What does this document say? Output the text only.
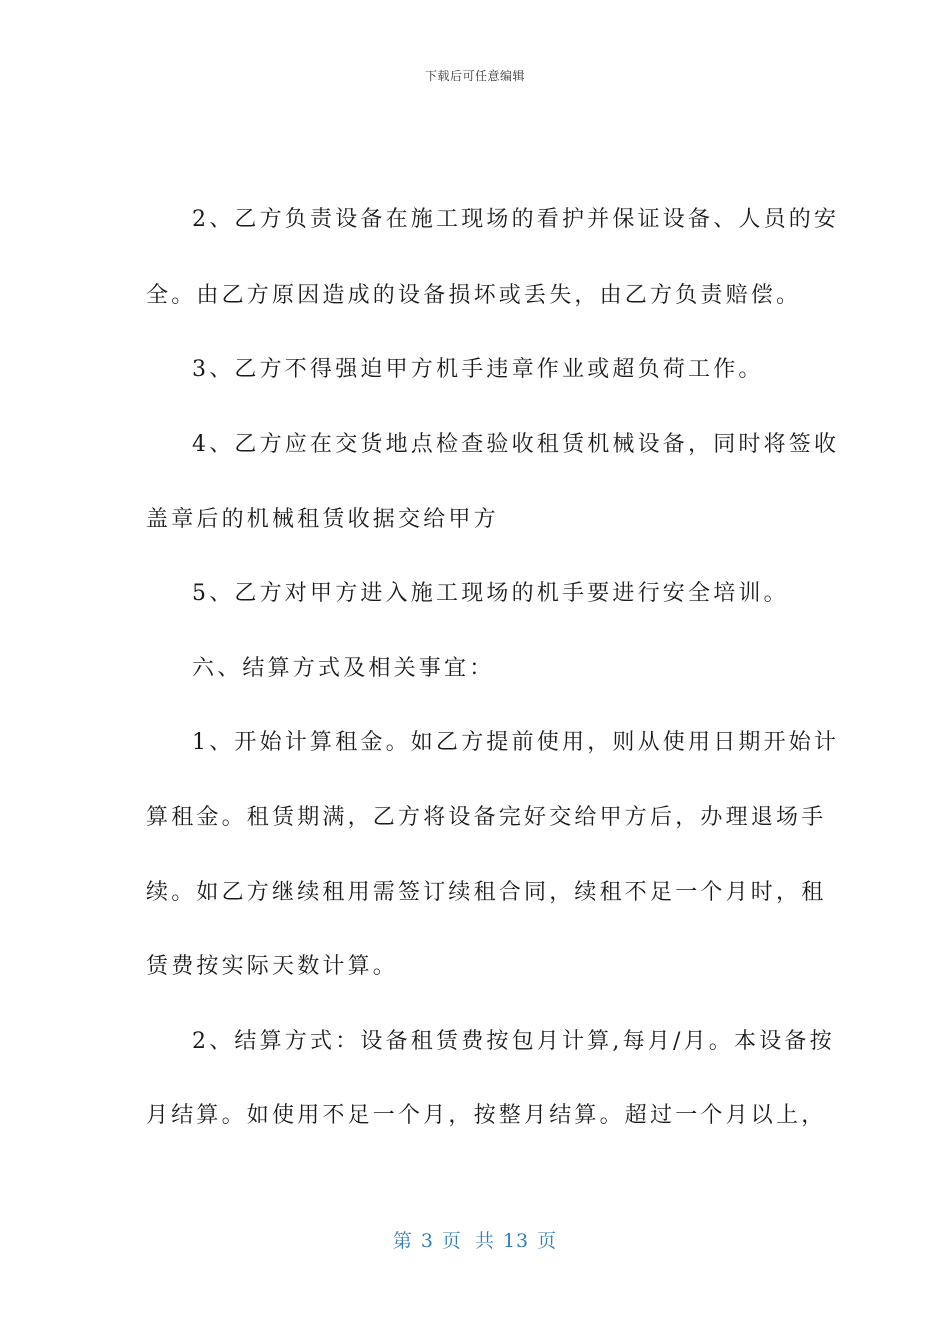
下载后可任意编辑
2、乙方负责设备在施工现场的看护并保证设备、人员的安
全。由乙方原因造成的设备损坏或丢失，由乙方负责赔偿。
3、乙方不得强迫甲方机手违章作业或超负荷工作。
4、乙方应在交货地点检查验收租赁机械设备，同时将签收
盖章后的机械租赁收据交给甲方
5、乙方对甲方进入施工现场的机手要进行安全培训。
六、结算方式及相关事宜：
1、开始计算租金。如乙方提前使用，则从使用日期开始计
算租金。租赁期满，乙方将设备完好交给甲方后，办理退场手
续。如乙方继续租用需签订续租合同，续租不足一个月时，租
赁费按实际天数计算。
2、结算方式：设备租赁费按包月计算,每月/月。本设备按
月结算。如使用不足一个月，按整月结算。超过一个月以上，
第 3 页 共 13 页
